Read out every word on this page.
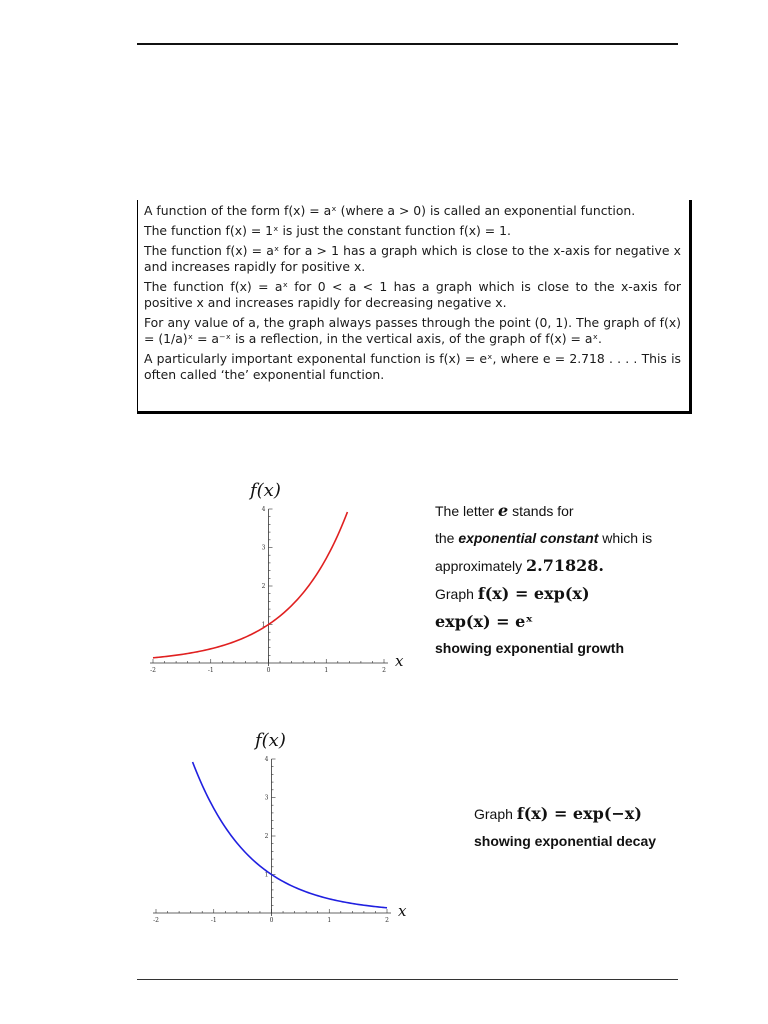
A function of the form f(x) = aˣ (where a > 0) is called an exponential function.

The function f(x) = 1ˣ is just the constant function f(x) = 1.

The function f(x) = aˣ for a > 1 has a graph which is close to the x-axis for negative x and increases rapidly for positive x.

The function f(x) = aˣ for 0 < a < 1 has a graph which is close to the x-axis for positive x and increases rapidly for decreasing negative x.

For any value of a, the graph always passes through the point (0, 1). The graph of f(x) = (1/a)ˣ = a⁻ˣ is a reflection, in the vertical axis, of the graph of f(x) = aˣ.

A particularly important exponental function is f(x) = eˣ, where e = 2.718 . . . . This is often called ‘the’ exponential function.

-2	-1	0	1	2
1
2
3
4
f(x)
x
-2	-1	0	1	2
1
2
3
4
f(x)
x
The letter e stands for
the exponential constant which is
approximately 2.71828.
Graph f(x) = exp(x)
exp(x) = eˣ
showing exponential growth
Graph f(x) = exp(−x)
showing exponential decay
